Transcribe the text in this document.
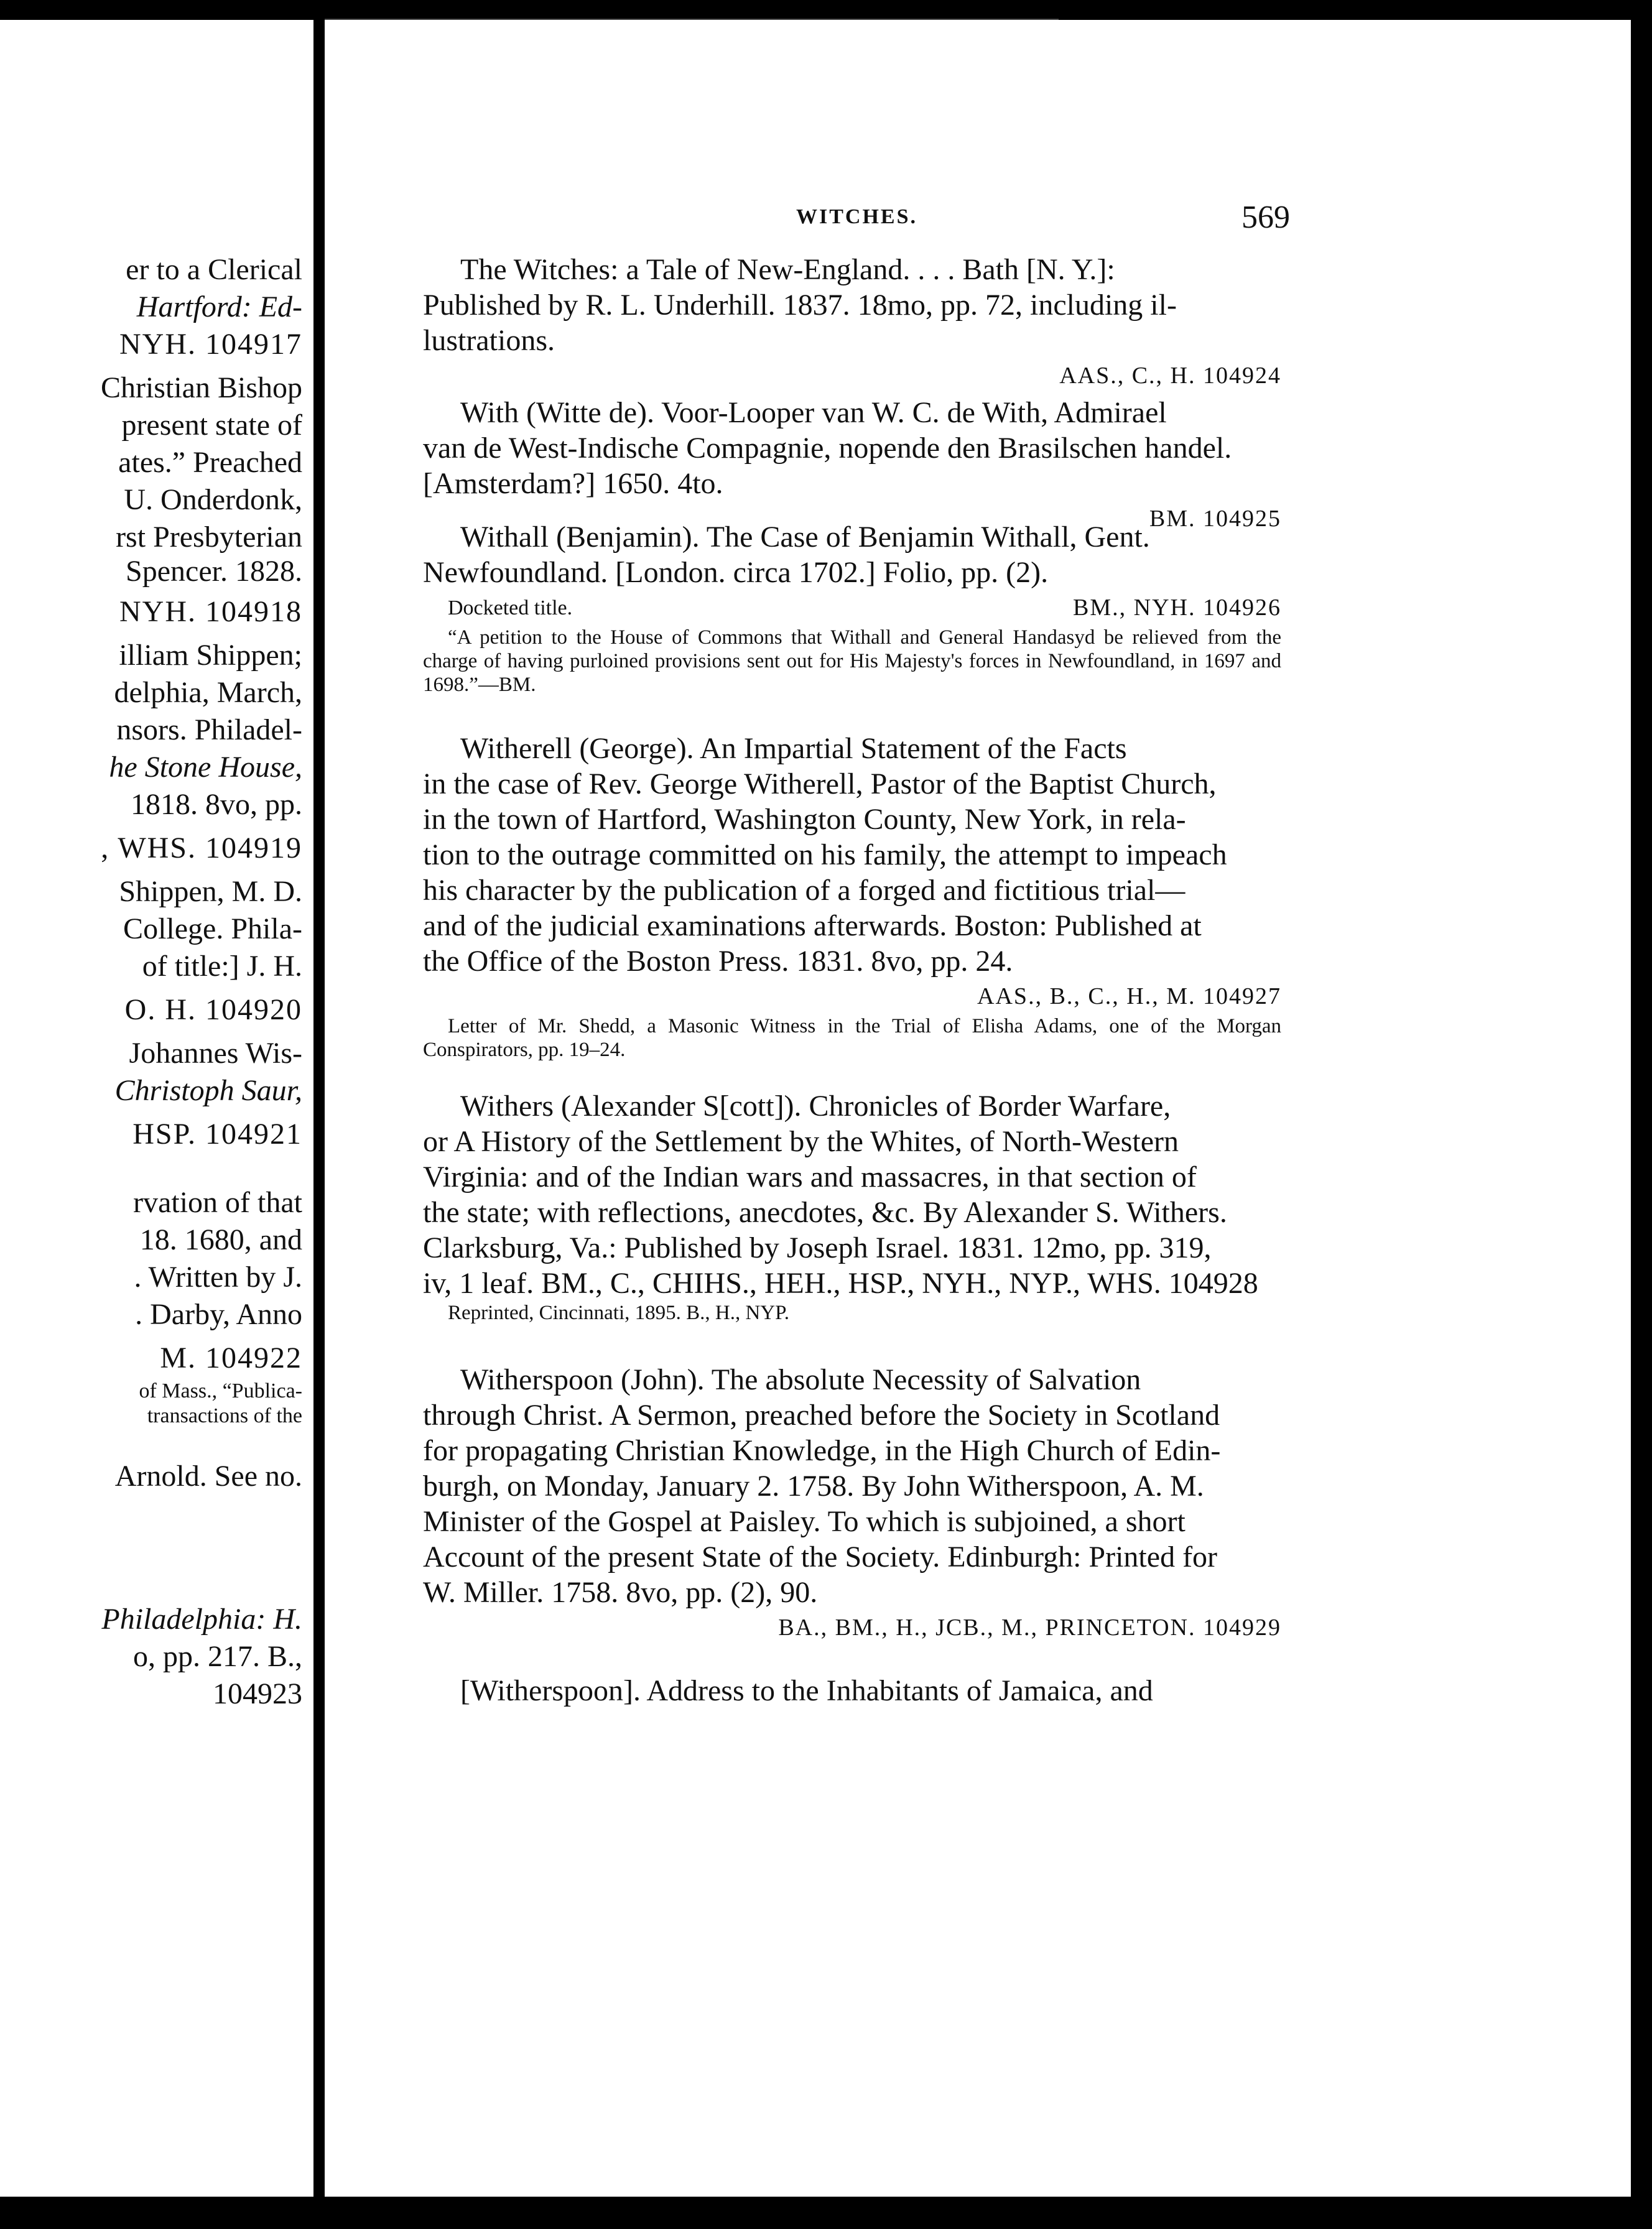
er to a Clerical
Hartford: Ed-
NYH. 104917
Christian Bishop
present state of
ates.” Preached
U. Onderdonk,
rst Presbyterian
Spencer. 1828.
NYH. 104918
illiam Shippen;
delphia, March,
nsors. Philadel-
he Stone House,
1818. 8vo, pp.
, WHS. 104919
Shippen, M. D.
College. Phila-
of title:] J. H.
O. H. 104920
Johannes Wis-
Christoph Saur,
HSP. 104921
rvation of that
18. 1680, and
. Written by J.
. Darby, Anno
M. 104922
of Mass., “Publica-
transactions of the
Arnold. See no.
Philadelphia: H.
o, pp. 217. B.,
104923
WITCHES.	569
The Witches: a Tale of New-England. . . . Bath [N. Y.]:
Published by R. L. Underhill. 1837. 18mo, pp. 72, including il-
lustrations.
AAS., C., H. 104924
With (Witte de). Voor-Looper van W. C. de With, Admirael
van de West-Indische Compagnie, nopende den Brasilschen handel.
[Amsterdam?] 1650. 4to.
BM. 104925
Withall (Benjamin). The Case of Benjamin Withall, Gent.
Newfoundland. [London. circa 1702.] Folio, pp. (2).
Docketed title.	BM., NYH. 104926
“A petition to the House of Commons that Withall and General Handasyd be relieved from the charge of having purloined provisions sent out for His Majesty's forces in Newfoundland, in 1697 and 1698.”—BM.
Witherell (George). An Impartial Statement of the Facts
in the case of Rev. George Witherell, Pastor of the Baptist Church,
in the town of Hartford, Washington County, New York, in rela-
tion to the outrage committed on his family, the attempt to impeach
his character by the publication of a forged and fictitious trial—
and of the judicial examinations afterwards. Boston: Published at
the Office of the Boston Press. 1831. 8vo, pp. 24.
AAS., B., C., H., M. 104927
Letter of Mr. Shedd, a Masonic Witness in the Trial of Elisha Adams, one of the Morgan Conspirators, pp. 19–24.
Withers (Alexander S[cott]). Chronicles of Border Warfare,
or A History of the Settlement by the Whites, of North-Western
Virginia: and of the Indian wars and massacres, in that section of
the state; with reflections, anecdotes, &c. By Alexander S. Withers.
Clarksburg, Va.: Published by Joseph Israel. 1831. 12mo, pp. 319,
iv, 1 leaf. BM., C., CHIHS., HEH., HSP., NYH., NYP., WHS. 104928
Reprinted, Cincinnati, 1895. B., H., NYP.
Witherspoon (John). The absolute Necessity of Salvation
through Christ. A Sermon, preached before the Society in Scotland
for propagating Christian Knowledge, in the High Church of Edin-
burgh, on Monday, January 2. 1758. By John Witherspoon, A. M.
Minister of the Gospel at Paisley. To which is subjoined, a short
Account of the present State of the Society. Edinburgh: Printed for
W. Miller. 1758. 8vo, pp. (2), 90.
BA., BM., H., JCB., M., PRINCETON. 104929
[Witherspoon]. Address to the Inhabitants of Jamaica, and
